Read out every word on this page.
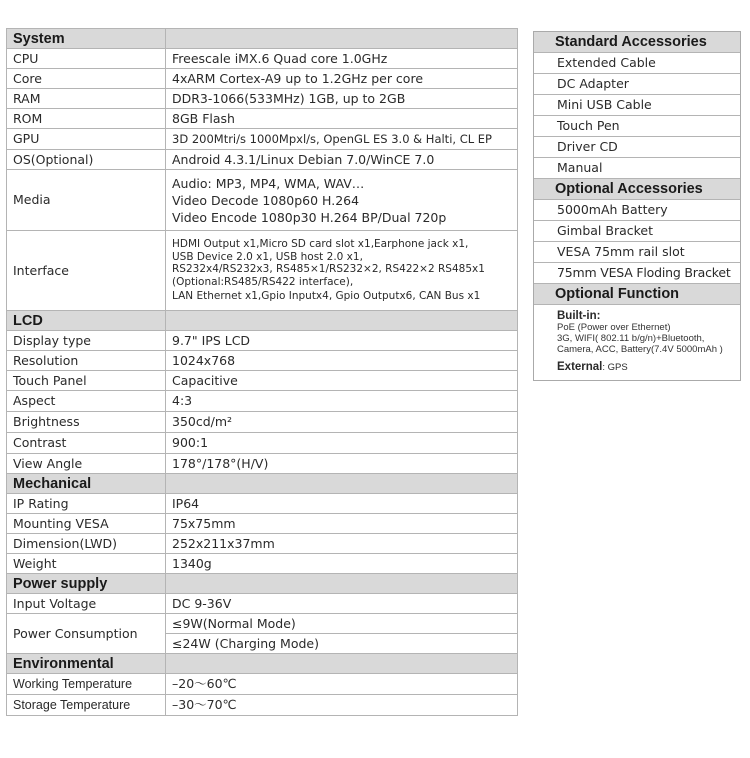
System	
CPU	Freescale iMX.6 Quad core 1.0GHz
Core	4xARM Cortex-A9 up to 1.2GHz per core
RAM	DDR3-1066(533MHz) 1GB, up to 2GB
ROM	8GB Flash
GPU	3D 200Mtri/s 1000Mpxl/s, OpenGL ES 3.0 & Halti, CL EP
OS(Optional)	Android 4.3.1/Linux Debian 7.0/WinCE 7.0
Media	Audio: MP3, MP4, WMA, WAV…
Video Decode 1080p60 H.264
Video Encode 1080p30 H.264 BP/Dual 720p

Interface	HDMI Output x1,Micro SD card slot x1,Earphone jack x1,
USB Device 2.0 x1, USB host 2.0 x1,
RS232x4/RS232x3, RS485×1/RS232×2, RS422×2 RS485x1
(Optional:RS485/RS422 interface),
LAN Ethernet x1,Gpio Inputx4, Gpio Outputx6, CAN Bus x1

LCD	
Display type	9.7" IPS LCD
Resolution	1024x768
Touch Panel	Capacitive
Aspect	4:3
Brightness	350cd/m²
Contrast	900:1
View Angle	178°/178°(H/V)
Mechanical	
IP Rating	IP64
Mounting VESA	75x75mm
Dimension(LWD)	252x211x37mm
Weight	1340g
Power supply	
Input Voltage	DC 9-36V
Power Consumption	≤9W(Normal Mode)
	≤24W (Charging Mode)
Environmental	
Working Temperature	–20～60℃
Storage Temperature	–30～70℃
Standard Accessories
Extended Cable
DC Adapter
Mini USB Cable
Touch Pen
Driver CD
Manual
Optional Accessories
5000mAh Battery
Gimbal Bracket
VESA 75mm rail slot
75mm VESA Floding Bracket
Optional Function
Built-in:
PoE (Power over Ethernet)
3G, WIFI( 802.11 b/g/n)+Bluetooth,
Camera, ACC, Battery(7.4V 5000mAh )
External: GPS
